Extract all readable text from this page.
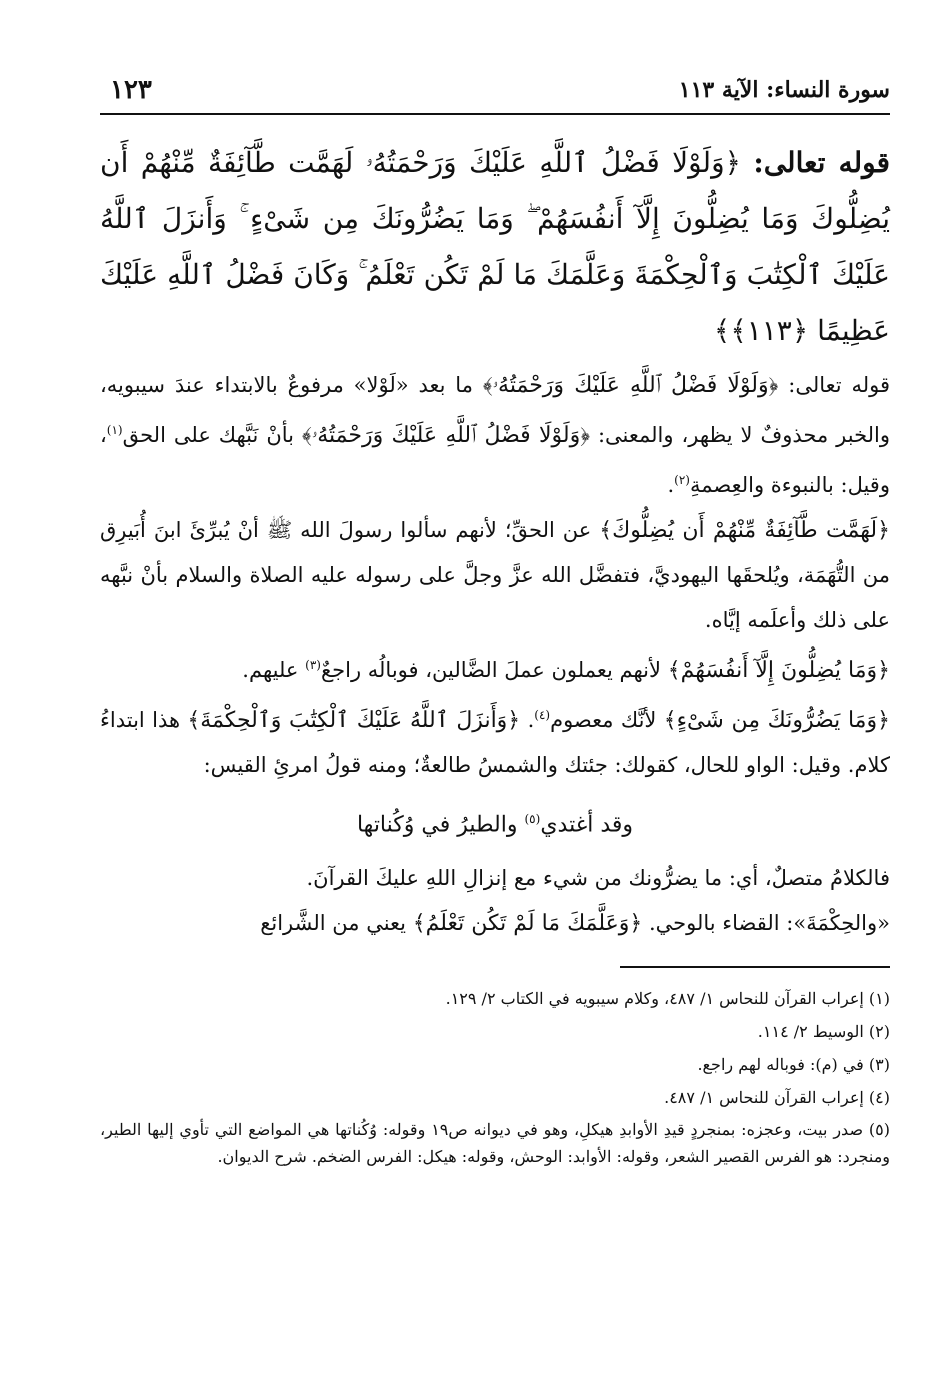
سورة النساء: الآية ١١٣
١٢٣

قوله تعالى: ﴿وَلَوْلَا فَضْلُ ٱللَّهِ عَلَيْكَ وَرَحْمَتُهُۥ لَهَمَّت طَّآئِفَةٌ مِّنْهُمْ أَن يُضِلُّوكَ وَمَا يُضِلُّونَ إِلَّآ أَنفُسَهُمْ ۖ وَمَا يَضُرُّونَكَ مِن شَىْءٍ ۚ وَأَنزَلَ ٱللَّهُ عَلَيْكَ ٱلْكِتَٰبَ وَٱلْحِكْمَةَ وَعَلَّمَكَ مَا لَمْ تَكُن تَعْلَمُ ۚ وَكَانَ فَضْلُ ٱللَّهِ عَلَيْكَ عَظِيمًا ﴿١١٣﴾﴾

قوله تعالى: ﴿وَلَوْلَا فَضْلُ ٱللَّهِ عَلَيْكَ وَرَحْمَتُهُۥ﴾ ما بعد «لَوْلا» مرفوعٌ بالابتداء عندَ سيبويه، والخبر محذوفٌ لا يظهر، والمعنى: ﴿وَلَوْلَا فَضْلُ ٱللَّهِ عَلَيْكَ وَرَحْمَتُهُۥ﴾ بأنْ نَبَّهك على الحق$^{(١)}$، وقيل: بالنبوءة والعِصمةِ$^{(٢)}$.

﴿لَهَمَّت طَّآئِفَةٌ مِّنْهُمْ أَن يُضِلُّوكَ﴾ عن الحقِّ؛ لأنهم سألوا رسولَ الله ﷺ أنْ يُبرِّئَ ابنَ أُبَيرِق من التُّهَمَة، ويُلحقَها اليهوديَّ، فتفضَّل الله عزَّ وجلَّ على رسوله عليه الصلاة والسلام بأنْ نبَّهه على ذلك وأعلَمه إيَّاه.

﴿وَمَا يُضِلُّونَ إِلَّآ أَنفُسَهُمْ﴾ لأنهم يعملون عملَ الضَّالين، فوبالُه راجعٌ$^{(٣)}$ عليهم.

﴿وَمَا يَضُرُّونَكَ مِن شَىْءٍ﴾ لأنَّك معصوم$^{(٤)}$. ﴿وَأَنزَلَ ٱللَّهُ عَلَيْكَ ٱلْكِتَٰبَ وَٱلْحِكْمَةَ﴾ هذا ابتداءُ كلام. وقيل: الواو للحال، كقولك: جئتك والشمسُ طالعةٌ؛ ومنه قولُ امرئِ القيس:

وقد أغتدي$^{(٥)}$ والطيرُ في وُكُناتها

فالكلامُ متصلٌ، أي: ما يضرُّونك من شيء مع إنزالِ اللهِ عليكَ القرآنَ.

«والحِكْمَةَ»: القضاء بالوحي. ﴿وَعَلَّمَكَ مَا لَمْ تَكُن تَعْلَمُ﴾ يعني من الشَّرائع

(١) إعراب القرآن للنحاس ١/ ٤٨٧، وكلام سيبويه في الكتاب ٢/ ١٢٩.

(٢) الوسيط ٢/ ١١٤.

(٣) في (م): فوباله لهم راجع.

(٤) إعراب القرآن للنحاس ١/ ٤٨٧.

(٥) صدر بيت، وعجزه: بمنجردٍ قيدِ الأوابدِ هيكلِ، وهو في ديوانه ص١٩ وقوله: وُكُناتها هي المواضع التي تأوي إليها الطير، ومنجرد: هو الفرس القصير الشعر، وقوله: الأوابد: الوحش، وقوله: هيكل: الفرس الضخم. شرح الديوان.
